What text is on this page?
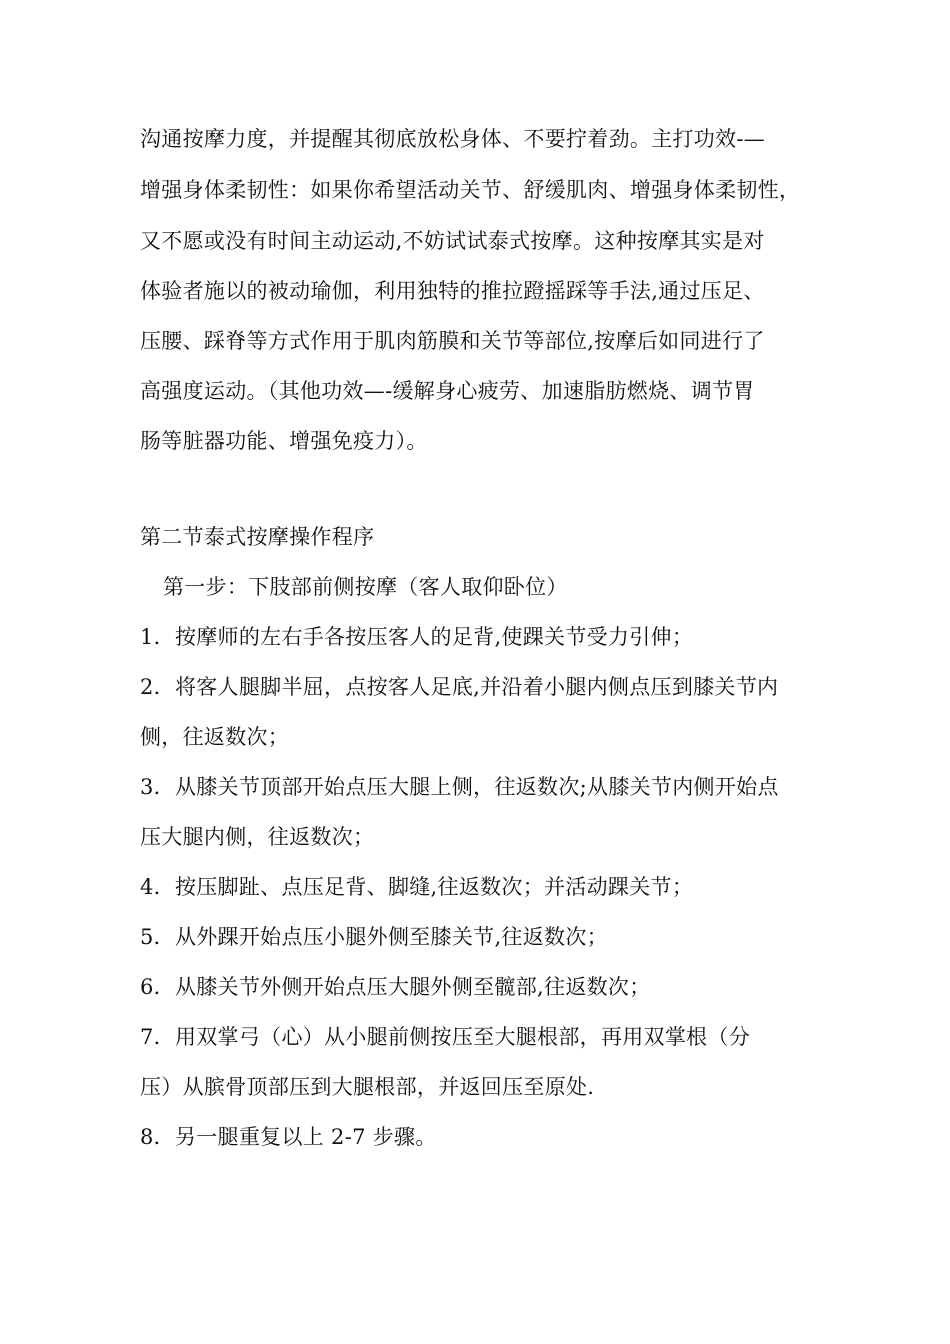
沟通按摩力度，并提醒其彻底放松身体、不要拧着劲。主打功效-—
增强身体柔韧性：如果你希望活动关节、舒缓肌肉、增强身体柔韧性，
又不愿或没有时间主动运动,不妨试试泰式按摩。这种按摩其实是对
体验者施以的被动瑜伽，利用独特的推拉蹬摇踩等手法,通过压足、
压腰、踩脊等方式作用于肌肉筋膜和关节等部位,按摩后如同进行了
高强度运动。（其他功效—-缓解身心疲劳、加速脂肪燃烧、调节胃
肠等脏器功能、增强免疫力）。
第二节泰式按摩操作程序
第一步：下肢部前侧按摩（客人取仰卧位）
1．按摩师的左右手各按压客人的足背,使踝关节受力引伸；
2．将客人腿脚半屈，点按客人足底,并沿着小腿内侧点压到膝关节内
侧，往返数次；
3．从膝关节顶部开始点压大腿上侧，往返数次;从膝关节内侧开始点
压大腿内侧，往返数次；
4．按压脚趾、点压足背、脚缝,往返数次；并活动踝关节；
5．从外踝开始点压小腿外侧至膝关节,往返数次；
6．从膝关节外侧开始点压大腿外侧至髋部,往返数次；
7．用双掌弓（心）从小腿前侧按压至大腿根部，再用双掌根（分
压）从膑骨顶部压到大腿根部，并返回压至原处.
8．另一腿重复以上 2-7 步骤。
